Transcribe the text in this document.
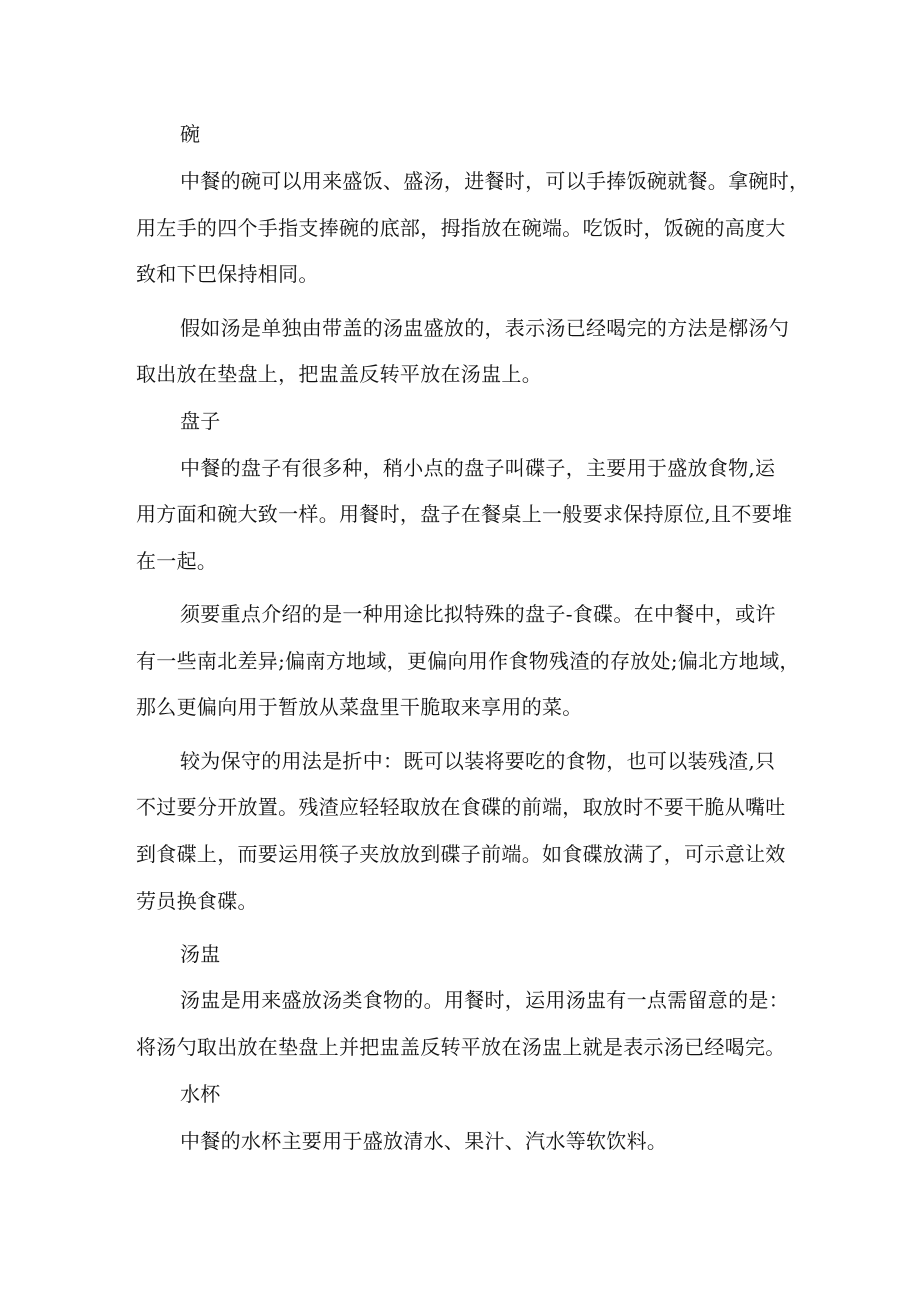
碗
中餐的碗可以用来盛饭、盛汤，进餐时，可以手捧饭碗就餐。拿碗时，
用左手的四个手指支捧碗的底部，拇指放在碗端。吃饭时，饭碗的高度大
致和下巴保持相同。
假如汤是单独由带盖的汤盅盛放的，表示汤已经喝完的方法是槨汤勺
取出放在垫盘上，把盅盖反转平放在汤盅上。
盘子
中餐的盘子有很多种，稍小点的盘子叫碟子，主要用于盛放食物,运
用方面和碗大致一样。用餐时，盘子在餐桌上一般要求保持原位,且不要堆
在一起。
须要重点介绍的是一种用途比拟特殊的盘子-食碟。在中餐中，或许
有一些南北差异;偏南方地域，更偏向用作食物残渣的存放处;偏北方地域，
那么更偏向用于暂放从菜盘里干脆取来享用的菜。
较为保守的用法是折中：既可以装将要吃的食物，也可以装残渣,只
不过要分开放置。残渣应轻轻取放在食碟的前端，取放时不要干脆从嘴吐
到食碟上，而要运用筷子夹放放到碟子前端。如食碟放满了，可示意让效
劳员换食碟。
汤盅
汤盅是用来盛放汤类食物的。用餐时，运用汤盅有一点需留意的是：
将汤勺取出放在垫盘上并把盅盖反转平放在汤盅上就是表示汤已经喝完。
水杯
中餐的水杯主要用于盛放清水、果汁、汽水等软饮料。
